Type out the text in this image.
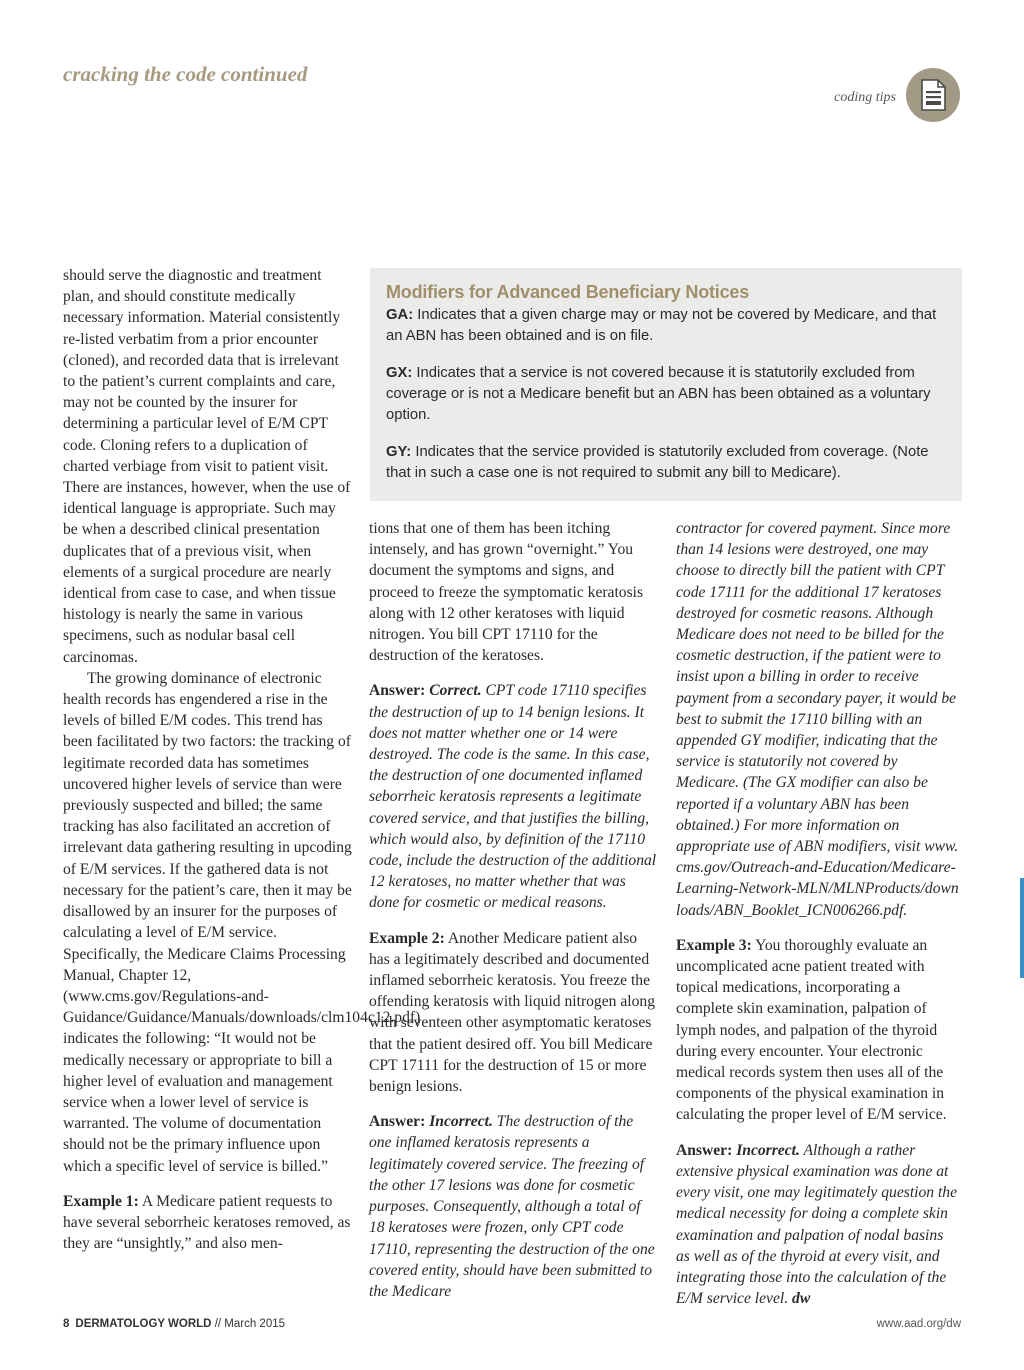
cracking the code continued
coding tips

should serve the diagnostic and treatment plan, and should constitute medically necessary information. Material consistently re-listed verbatim from a prior encounter (cloned), and recorded data that is irrelevant to the patient’s current complaints and care, may not be counted by the insurer for determining a particular level of E/M CPT code. Cloning refers to a duplication of charted verbiage from visit to patient visit. There are instances, however, when the use of identical language is appropriate. Such may be when a described clinical presentation duplicates that of a previous visit, when elements of a surgical procedure are nearly identical from case to case, and when tissue histology is nearly the same in various specimens, such as nodular basal cell carcinomas.

The growing dominance of electronic health records has engendered a rise in the levels of billed E/M codes. This trend has been facilitated by two factors: the tracking of legitimate recorded data has sometimes uncovered higher levels of service than were previously suspected and billed; the same tracking has also facilitated an accretion of irrelevant data gathering resulting in upcoding of E/M services. If the gathered data is not necessary for the patient’s care, then it may be disallowed by an insurer for the purposes of calculating a level of E/M service. Specifically, the Medicare Claims Processing Manual, Chapter 12, (www.cms.gov/Regulations-and-Guidance/Guidance/Manuals/downloads/clm104c12.pdf) indicates the following: “It would not be medically necessary or appropriate to bill a higher level of evaluation and management service when a lower level of service is warranted. The volume of documentation should not be the primary influence upon which a specific level of service is billed.”

Example 1: A Medicare patient requests to have several seborrheic keratoses removed, as they are “unsightly,” and also men-

Modifiers for Advanced Beneficiary Notices
GA: Indicates that a given charge may or may not be covered by Medicare, and that an ABN has been obtained and is on file.
GX: Indicates that a service is not covered because it is statutorily excluded from coverage or is not a Medicare benefit but an ABN has been obtained as a voluntary option.
GY: Indicates that the service provided is statutorily excluded from coverage. (Note that in such a case one is not required to submit any bill to Medicare).

tions that one of them has been itching intensely, and has grown “overnight.” You document the symptoms and signs, and proceed to freeze the symptomatic keratosis along with 12 other keratoses with liquid nitrogen. You bill CPT 17110 for the destruction of the keratoses.

Answer: Correct. CPT code 17110 specifies the destruction of up to 14 benign lesions. It does not matter whether one or 14 were destroyed. The code is the same. In this case, the destruction of one documented inflamed seborrheic keratosis represents a legitimate covered service, and that justifies the billing, which would also, by definition of the 17110 code, include the destruction of the additional 12 keratoses, no matter whether that was done for cosmetic or medical reasons.

Example 2: Another Medicare patient also has a legitimately described and documented inflamed seborrheic keratosis. You freeze the offending keratosis with liquid nitrogen along with seventeen other asymptomatic keratoses that the patient desired off. You bill Medicare CPT 17111 for the destruction of 15 or more benign lesions.

Answer: Incorrect. The destruction of the one inflamed keratosis represents a legitimately covered service. The freezing of the other 17 lesions was done for cosmetic purposes. Consequently, although a total of 18 keratoses were frozen, only CPT code 17110, representing the destruction of the one covered entity, should have been submitted to the Medicare

contractor for covered payment. Since more than 14 lesions were destroyed, one may choose to directly bill the patient with CPT code 17111 for the additional 17 keratoses destroyed for cosmetic reasons. Although Medicare does not need to be billed for the cosmetic destruction, if the patient were to insist upon a billing in order to receive payment from a secondary payer, it would be best to submit the 17110 billing with an appended GY modifier, indicating that the service is statutorily not covered by Medicare. (The GX modifier can also be reported if a voluntary ABN has been obtained.) For more information on appropriate use of ABN modifiers, visit www.cms.gov/Outreach-and-Education/Medicare-Learning-Network-MLN/MLNProducts/downloads/ABN_Booklet_ICN006266.pdf.

Example 3: You thoroughly evaluate an uncomplicated acne patient treated with topical medications, incorporating a complete skin examination, palpation of lymph nodes, and palpation of the thyroid during every encounter. Your electronic medical records system then uses all of the components of the physical examination in calculating the proper level of E/M service.

Answer: Incorrect. Although a rather extensive physical examination was done at every visit, one may legitimately question the medical necessity for doing a complete skin examination and palpation of nodal basins as well as of the thyroid at every visit, and integrating those into the calculation of the E/M service level. dw

8 DERMATOLOGY WORLD // March 2015	www.aad.org/dw
